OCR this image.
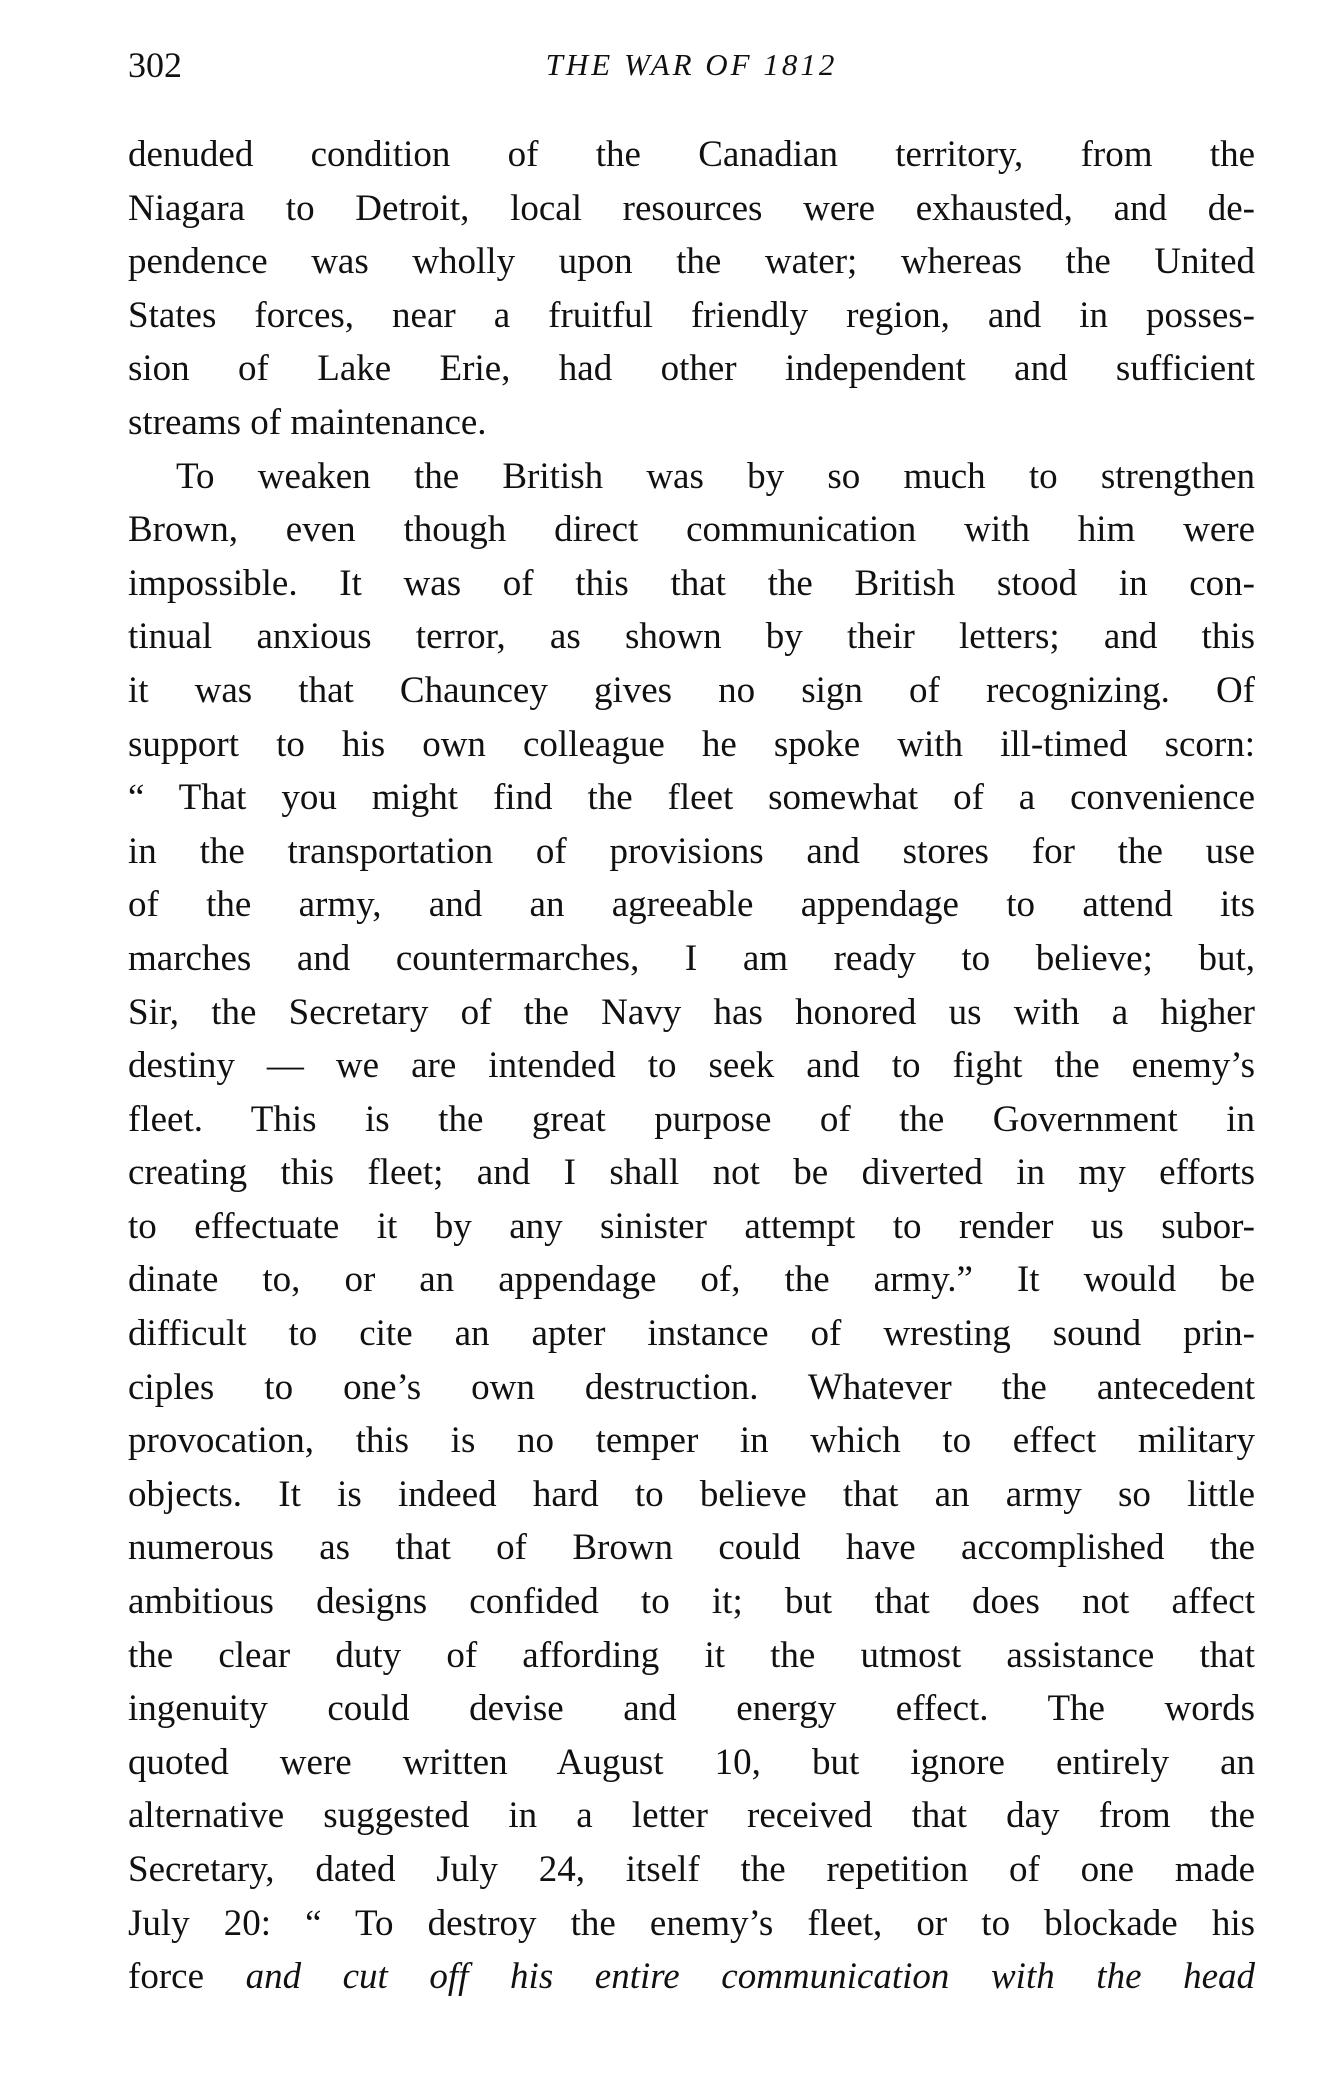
302	THE WAR OF 1812
denuded condition of the Canadian territory, from the
Niagara to Detroit, local resources were exhausted, and de-
pendence was wholly upon the water; whereas the United
States forces, near a fruitful friendly region, and in posses-
sion of Lake Erie, had other independent and sufficient
streams of maintenance.
To weaken the British was by so much to strengthen
Brown, even though direct communication with him were
impossible. It was of this that the British stood in con-
tinual anxious terror, as shown by their letters; and this
it was that Chauncey gives no sign of recognizing. Of
support to his own colleague he spoke with ill-timed scorn:
“ That you might find the fleet somewhat of a convenience
in the transportation of provisions and stores for the use
of the army, and an agreeable appendage to attend its
marches and countermarches, I am ready to believe; but,
Sir, the Secretary of the Navy has honored us with a higher
destiny — we are intended to seek and to fight the enemy’s
fleet. This is the great purpose of the Government in
creating this fleet; and I shall not be diverted in my efforts
to effectuate it by any sinister attempt to render us subor-
dinate to, or an appendage of, the army.” It would be
difficult to cite an apter instance of wresting sound prin-
ciples to one’s own destruction. Whatever the antecedent
provocation, this is no temper in which to effect military
objects. It is indeed hard to believe that an army so little
numerous as that of Brown could have accomplished the
ambitious designs confided to it; but that does not affect
the clear duty of affording it the utmost assistance that
ingenuity could devise and energy effect. The words
quoted were written August 10, but ignore entirely an
alternative suggested in a letter received that day from the
Secretary, dated July 24, itself the repetition of one made
July 20: “ To destroy the enemy’s fleet, or to blockade his
force and cut off his entire communication with the head
